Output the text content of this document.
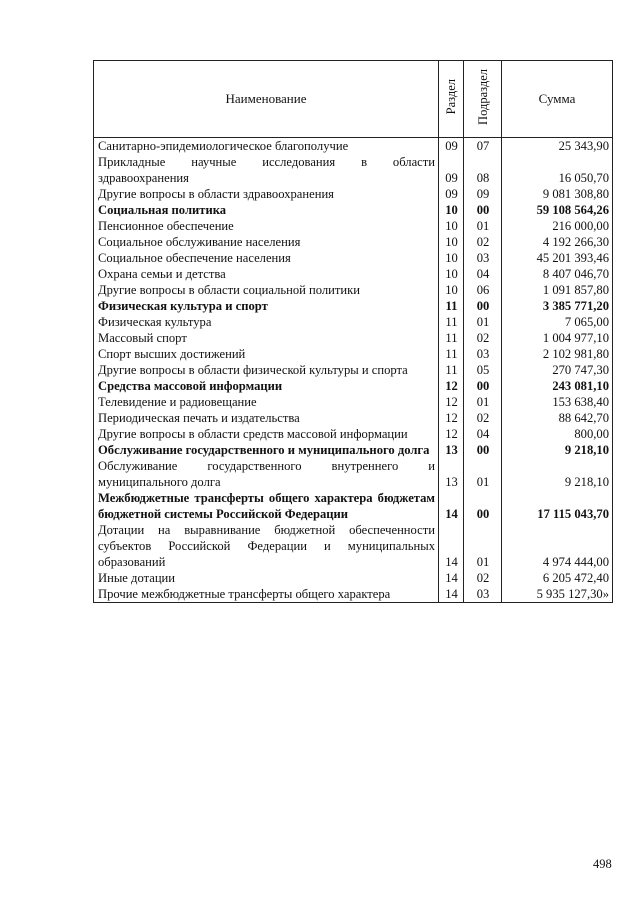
Наименование	Раздел	Подраздел	Сумма
Санитарно-эпидемиологическое благополучие	09	07	25 343,90
Прикладные научные исследования в области здравоохранения	09	08	16 050,70
Другие вопросы в области здравоохранения	09	09	9 081 308,80
Социальная политика	10	00	59 108 564,26
Пенсионное обеспечение	10	01	216 000,00
Социальное обслуживание населения	10	02	4 192 266,30
Социальное обеспечение населения	10	03	45 201 393,46
Охрана семьи и детства	10	04	8 407 046,70
Другие вопросы в области социальной политики	10	06	1 091 857,80
Физическая культура и спорт	11	00	3 385 771,20
Физическая культура	11	01	7 065,00
Массовый спорт	11	02	1 004 977,10
Спорт высших достижений	11	03	2 102 981,80
Другие вопросы в области физической культуры и спорта	11	05	270 747,30
Средства массовой информации	12	00	243 081,10
Телевидение и радиовещание	12	01	153 638,40
Периодическая печать и издательства	12	02	88 642,70
Другие вопросы в области средств массовой информации	12	04	800,00
Обслуживание государственного и муниципального долга	13	00	9 218,10
Обслуживание государственного внутреннего и муниципального долга	13	01	9 218,10
Межбюджетные трансферты общего характера бюджетам бюджетной системы Российской Федерации	14	00	17 115 043,70
Дотации на выравнивание бюджетной обеспеченности субъектов Российской Федерации и муниципальных образований	14	01	4 974 444,00
Иные дотации	14	02	6 205 472,40
Прочие межбюджетные трансферты общего характера	14	03	5 935 127,30»
498
